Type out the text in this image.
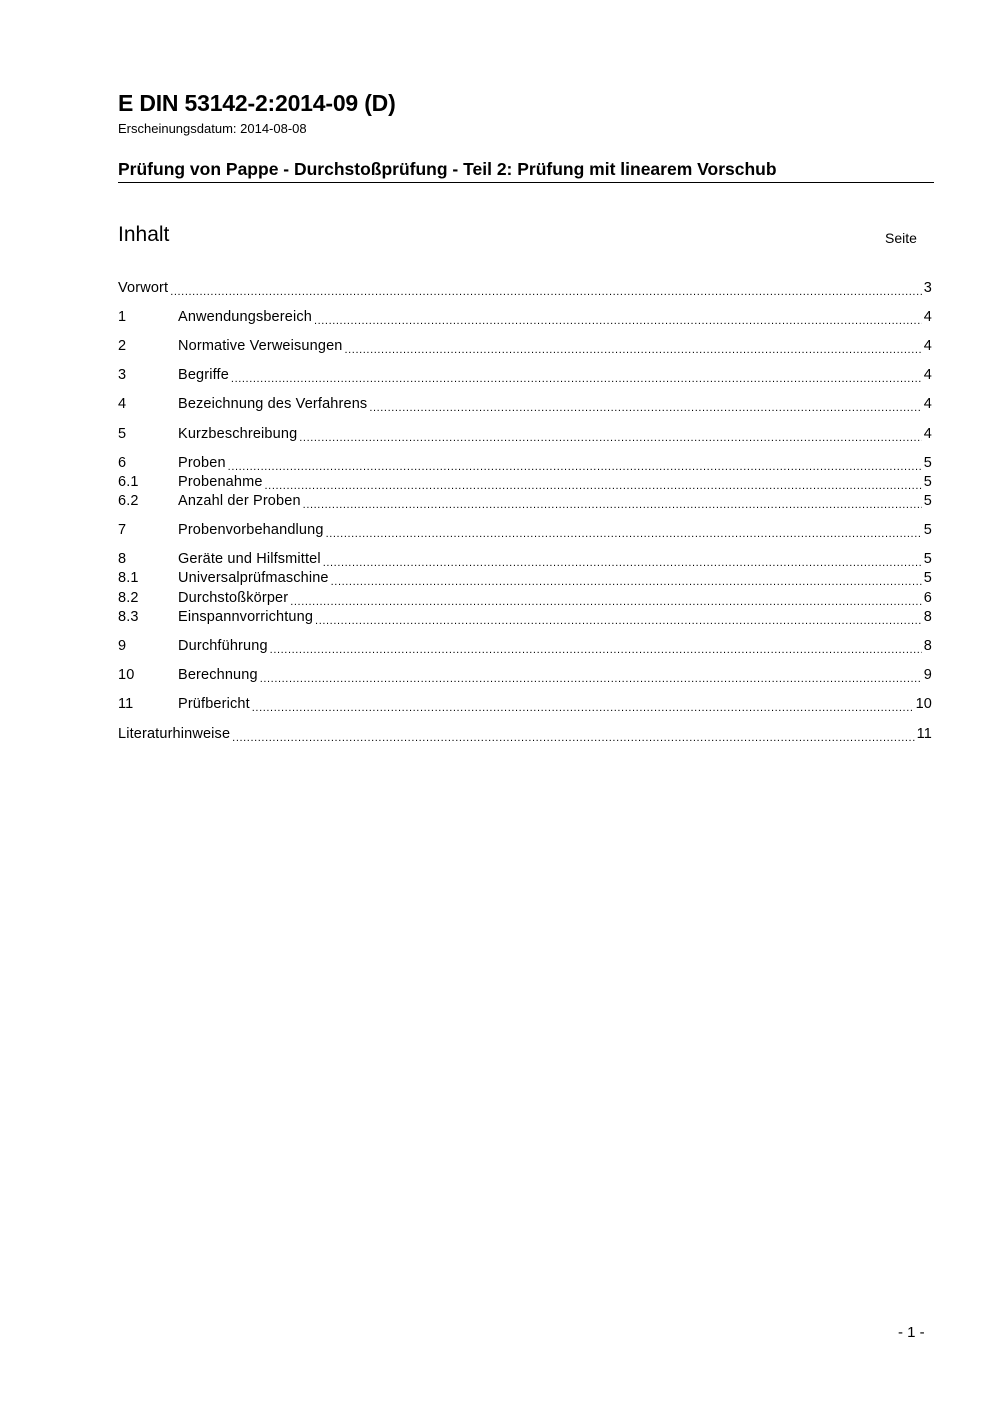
E DIN 53142-2:2014-09 (D)
Erscheinungsdatum: 2014-08-08
Prüfung von Pappe - Durchstoßprüfung - Teil 2: Prüfung mit linearem Vorschub
Inhalt	Seite
Vorwort .....	3
1	Anwendungsbereich .....	4
2	Normative Verweisungen .....	4
3	Begriffe .....	4
4	Bezeichnung des Verfahrens .....	4
5	Kurzbeschreibung .....	4
6	Proben .....	5
6.1	Probenahme .....	5
6.2	Anzahl der Proben .....	5
7	Probenvorbehandlung .....	5
8	Geräte und Hilfsmittel .....	5
8.1	Universalprüfmaschine .....	5
8.2	Durchstoßkörper .....	6
8.3	Einspannvorrichtung .....	8
9	Durchführung .....	8
10	Berechnung .....	9
11	Prüfbericht .....	10
Literaturhinweise .....	11
- 1 -
